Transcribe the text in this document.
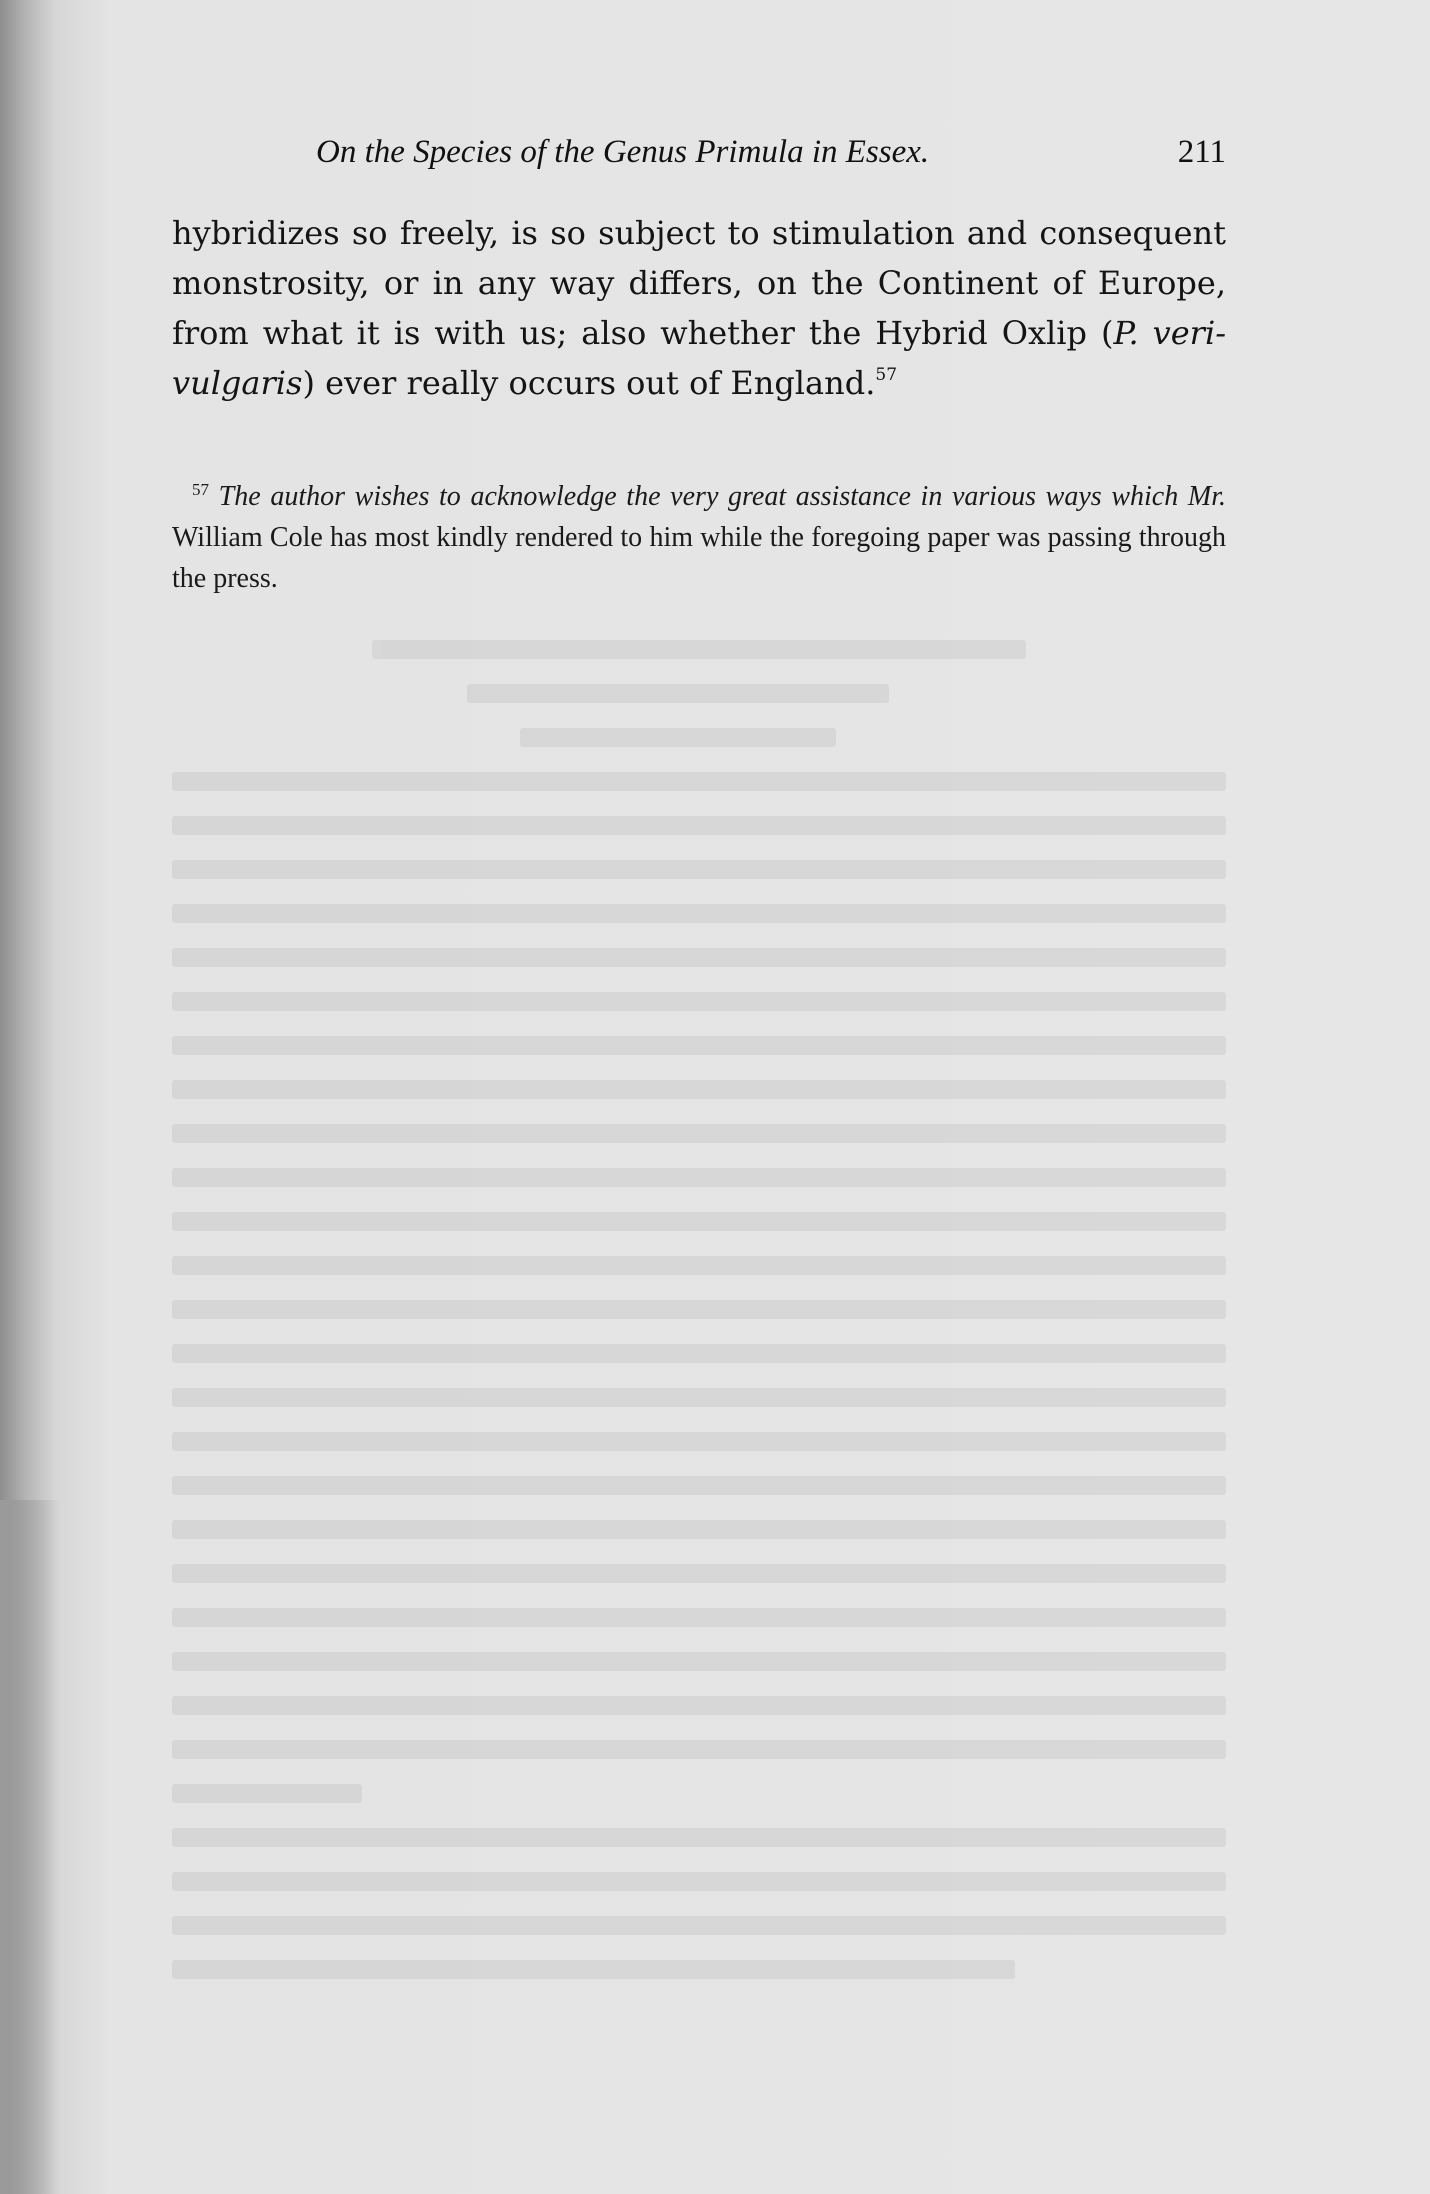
On the Species of the Genus Primula in Essex.	211

hybridizes so freely, is so subject to stimulation and consequent monstrosity, or in any way differs, on the Continent of Europe, from what it is with us; also whether the Hybrid Oxlip (P. veri-vulgaris) ever really occurs out of England.$^{57}$

$^{57}$ The author wishes to acknowledge the very great assistance in various ways which Mr. William Cole has most kindly rendered to him while the foregoing paper was passing through the press.
